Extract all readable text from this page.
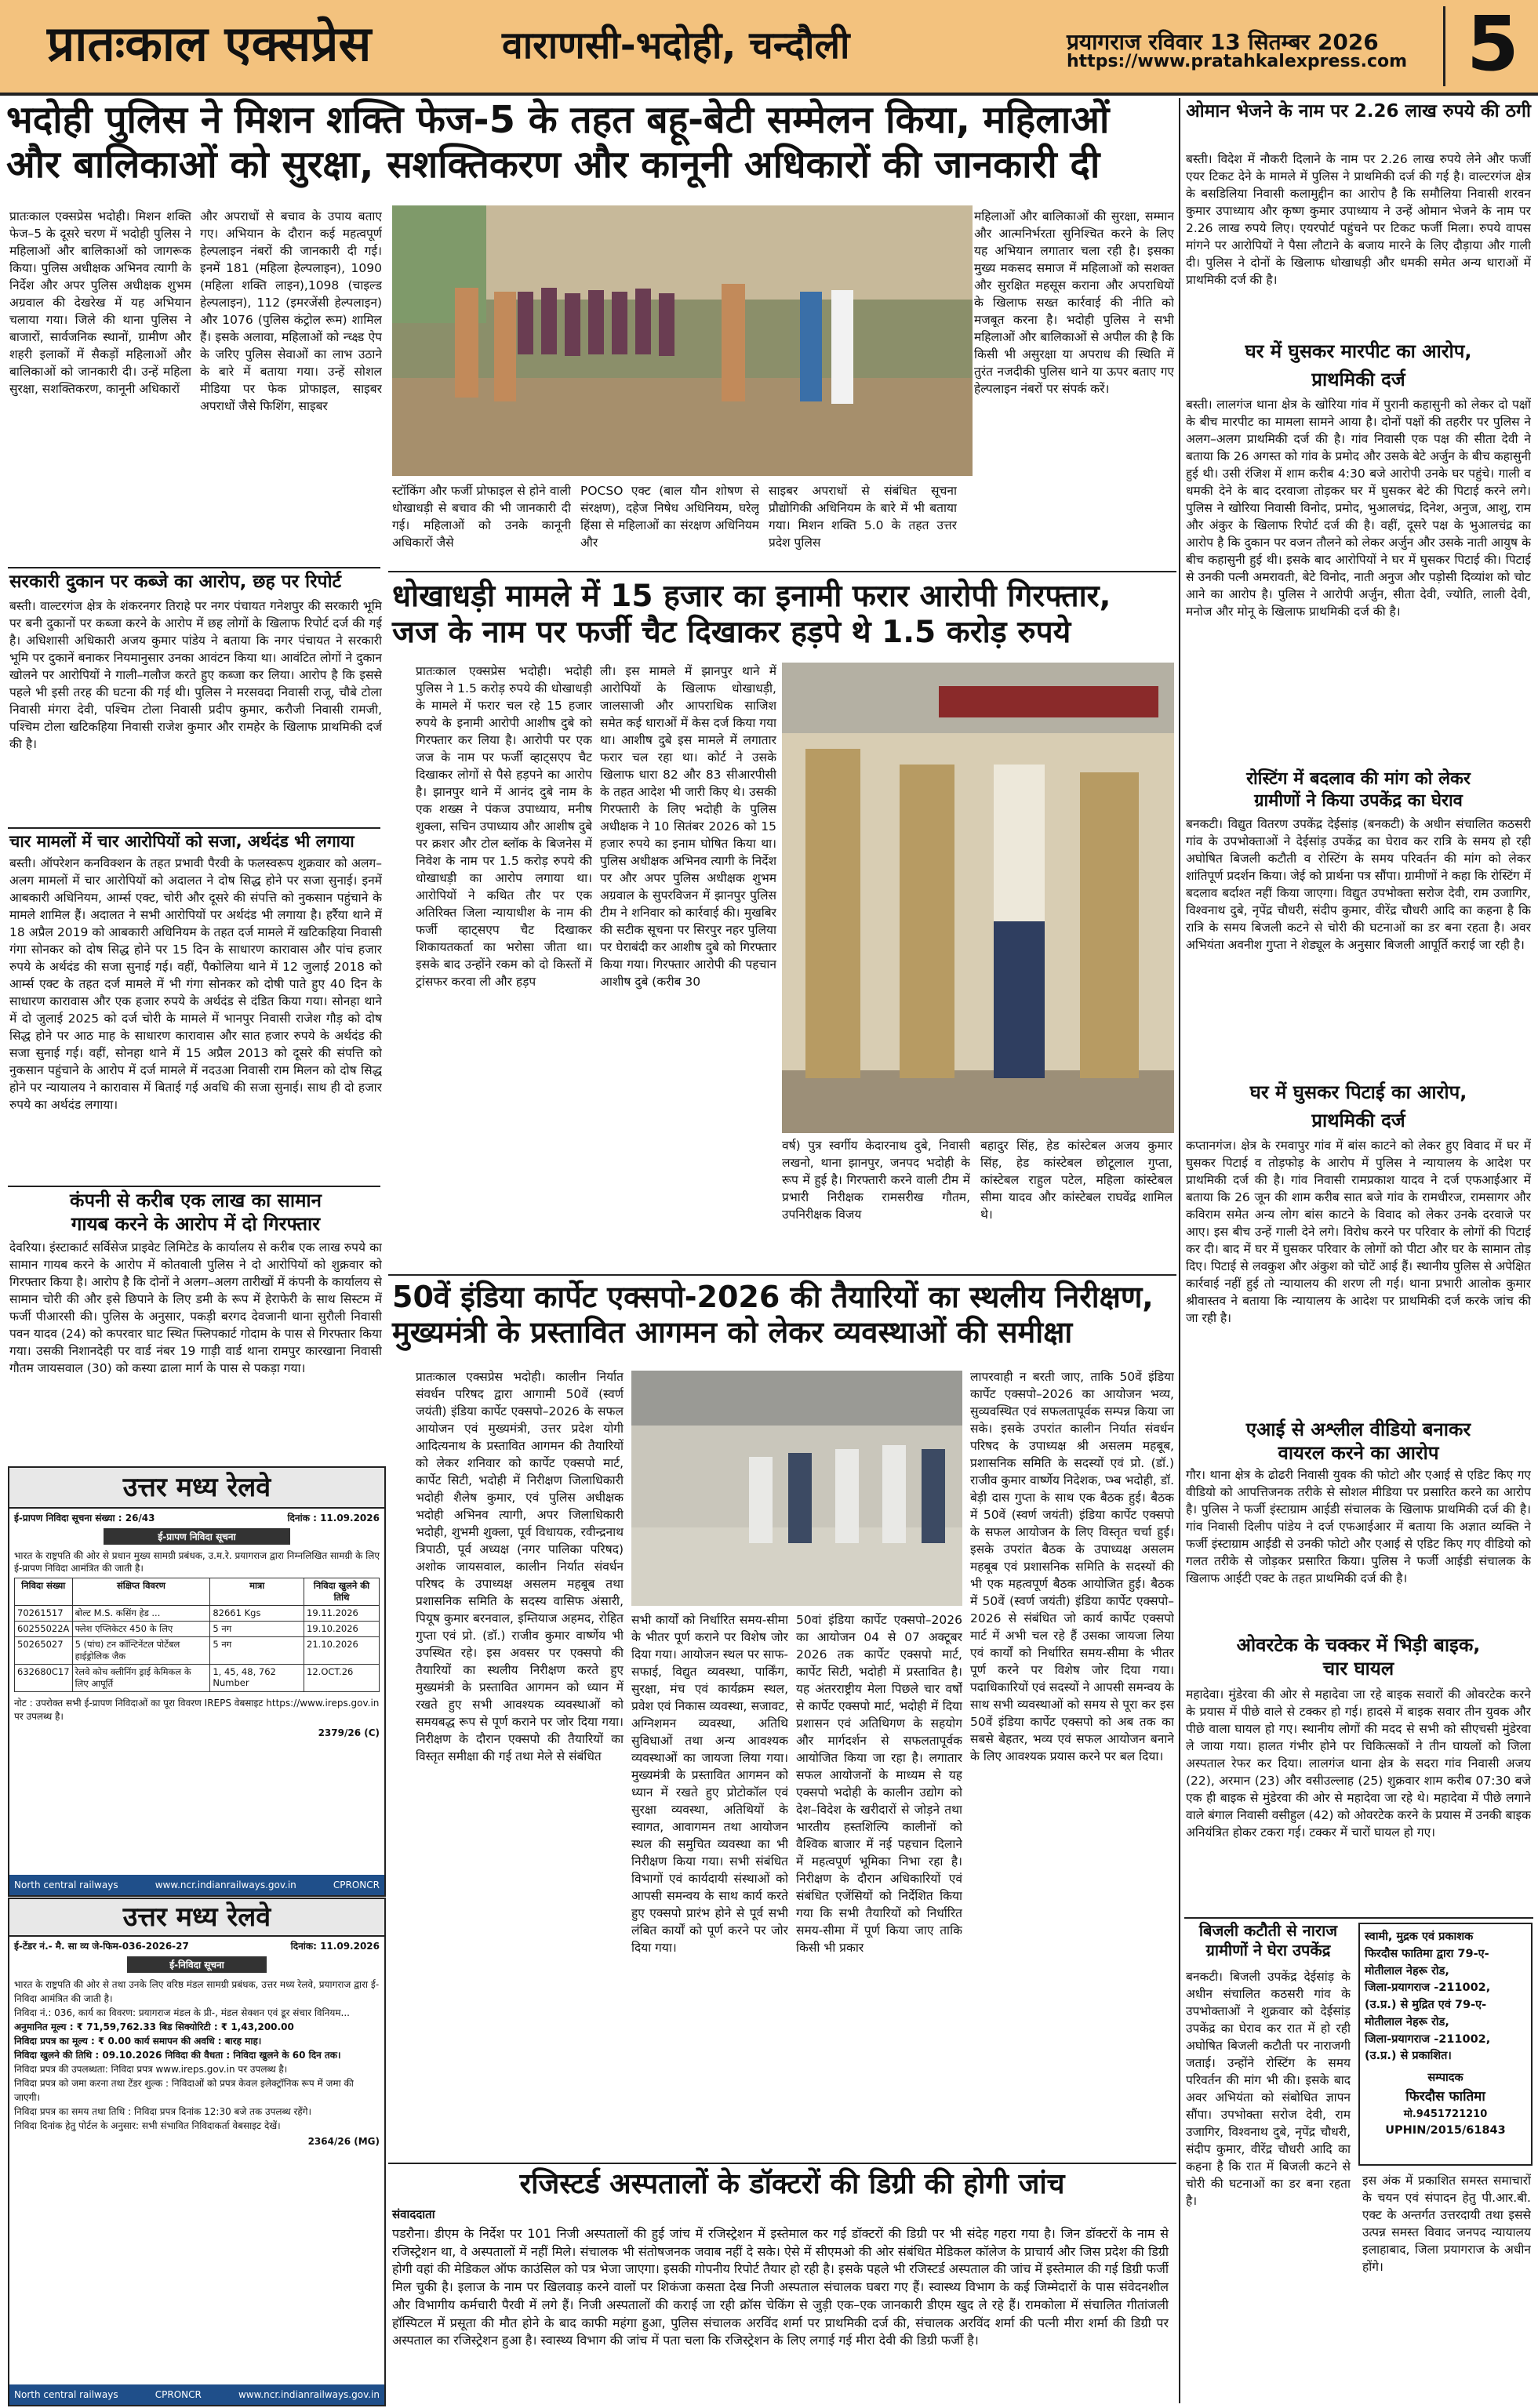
प्रातःकाल एक्सप्रेस	वाराणसी-भदोही, चन्दौली	प्रयागराज रविवार 13 सितम्बर 2026
https://www.pratahkalexpress.com 5
भदोही पुलिस ने मिशन शक्ति फेज-5 के तहत बहू-बेटी सम्मेलन किया, महिलाओं
और बालिकाओं को सुरक्षा, सशक्तिकरण और कानूनी अधिकारों की जानकारी दी
प्रातःकाल एक्सप्रेस भदोही। मिशन शक्ति फेज–5 के दूसरे चरण में भदोही पुलिस ने महिलाओं और बालिकाओं को जागरूक किया। पुलिस अधीक्षक अभिनव त्यागी के निर्देश और अपर पुलिस अधीक्षक शुभम अग्रवाल की देखरेख में यह अभियान चलाया गया। जिले की थाना पुलिस ने बाजारों, सार्वजनिक स्थानों, ग्रामीण और शहरी इलाकों में सैकड़ों महिलाओं और बालिकाओं को जानकारी दी। उन्हें महिला सुरक्षा, सशक्तिकरण, कानूनी अधिकारों
और अपराधों से बचाव के उपाय बताए गए। अभियान के दौरान कई महत्वपूर्ण हेल्पलाइन नंबरों की जानकारी दी गई। इनमें 181 (महिला हेल्पलाइन), 1090 (महिला शक्ति लाइन),1098 (चाइल्ड हेल्पलाइन), 112 (इमरजेंसी हेल्पलाइन) और 1076 (पुलिस कंट्रोल रूम) शामिल हैं। इसके अलावा, महिलाओं को न्च्क्ष्ड ऐप के जरिए पुलिस सेवाओं का लाभ उठाने के बारे में बताया गया। उन्हें सोशल मीडिया पर फेक प्रोफाइल, साइबर अपराधों जैसे फिशिंग, साइबर
स्टॉकिंग और फर्जी प्रोफाइल से होने वाली धोखाधड़ी से बचाव की भी जानकारी दी गई। महिलाओं को उनके कानूनी अधिकारों जैसे
POCSO एक्ट (बाल यौन शोषण से संरक्षण), दहेज निषेध अधिनियम, घरेलू हिंसा से महिलाओं का संरक्षण अधिनियम और
साइबर अपराधों से संबंधित सूचना प्रौद्योगिकी अधिनियम के बारे में भी बताया गया। मिशन शक्ति 5.0 के तहत उत्तर प्रदेश पुलिस
महिलाओं और बालिकाओं की सुरक्षा, सम्मान और आत्मनिर्भरता सुनिश्चित करने के लिए यह अभियान लगातार चला रही है। इसका मुख्य मकसद समाज में महिलाओं को सशक्त और सुरक्षित महसूस कराना और अपराधियों के खिलाफ सख्त कार्रवाई की नीति को मजबूत करना है। भदोही पुलिस ने सभी महिलाओं और बालिकाओं से अपील की है कि किसी भी असुरक्षा या अपराध की स्थिति में तुरंत नजदीकी पुलिस थाने या ऊपर बताए गए हेल्पलाइन नंबरों पर संपर्क करें।
सरकारी दुकान पर कब्जे का आरोप, छह पर रिपोर्ट
बस्ती। वाल्टरगंज क्षेत्र के शंकरनगर तिराहे पर नगर पंचायत गनेशपुर की सरकारी भूमि पर बनी दुकानों पर कब्जा करने के आरोप में छह लोगों के खिलाफ रिपोर्ट दर्ज की गई है। अधिशासी अधिकारी अजय कुमार पांडेय ने बताया कि नगर पंचायत ने सरकारी भूमि पर दुकानें बनाकर नियमानुसार उनका आवंटन किया था। आवंटित लोगों ने दुकान खोलने पर आरोपियों ने गाली–गलौज करते हुए कब्जा कर लिया। आरोप है कि इससे पहले भी इसी तरह की घटना की गई थी। पुलिस ने मरसवदा निवासी राजू, चौबे टोला निवासी मंगरा देवी, पश्चिम टोला निवासी प्रदीप कुमार, करौजी निवासी रामजी, पश्चिम टोला खटिकहिया निवासी राजेश कुमार और रामहेर के खिलाफ प्राथमिकी दर्ज की है।
चार मामलों में चार आरोपियों को सजा, अर्थदंड भी लगाया
बस्ती। ऑपरेशन कनविक्शन के तहत प्रभावी पैरवी के फलस्वरूप शुक्रवार को अलग–अलग मामलों में चार आरोपियों को अदालत ने दोष सिद्ध होने पर सजा सुनाई। इनमें आबकारी अधिनियम, आर्म्स एक्ट, चोरी और दूसरे की संपत्ति को नुकसान पहुंचाने के मामले शामिल हैं। अदालत ने सभी आरोपियों पर अर्थदंड भी लगाया है। हर्रैया थाने में 18 अप्रैल 2019 को आबकारी अधिनियम के तहत दर्ज मामले में खटिकहिया निवासी गंगा सोनकर को दोष सिद्ध होने पर 15 दिन के साधारण कारावास और पांच हजार रुपये के अर्थदंड की सजा सुनाई गई। वहीं, पैकोलिया थाने में 12 जुलाई 2018 को आर्म्स एक्ट के तहत दर्ज मामले में भी गंगा सोनकर को दोषी पाते हुए 40 दिन के साधारण कारावास और एक हजार रुपये के अर्थदंड से दंडित किया गया। सोनहा थाने में दो जुलाई 2025 को दर्ज चोरी के मामले में भानपुर निवासी राजेश गौड़ को दोष सिद्ध होने पर आठ माह के साधारण कारावास और सात हजार रुपये के अर्थदंड की सजा सुनाई गई। वहीं, सोनहा थाने में 15 अप्रैल 2013 को दूसरे की संपत्ति को नुकसान पहुंचाने के आरोप में दर्ज मामले में नदउआ निवासी राम मिलन को दोष सिद्ध होने पर न्यायालय ने कारावास में बिताई गई अवधि की सजा सुनाई। साथ ही दो हजार रुपये का अर्थदंड लगाया।
कंपनी से करीब एक लाख का सामान
गायब करने के आरोप में दो गिरफ्तार
देवरिया। इंस्टाकार्ट सर्विसेज प्राइवेट लिमिटेड के कार्यालय से करीब एक लाख रुपये का सामान गायब करने के आरोप में कोतवाली पुलिस ने दो आरोपियों को शुक्रवार को गिरफ्तार किया है। आरोप है कि दोनों ने अलग–अलग तारीखों में कंपनी के कार्यालय से सामान चोरी की और इसे छिपाने के लिए डमी के रूप में हेराफेरी के साथ सिस्टम में फर्जी पीआरसी की। पुलिस के अनुसार, पकड़ी बरगद देवजानी थाना सुरौली निवासी पवन यादव (24) को कपरवार घाट स्थित फ्लिपकार्ट गोदाम के पास से गिरफ्तार किया गया। उसकी निशानदेही पर वार्ड नंबर 19 गाड़ी वार्ड थाना रामपुर कारखाना निवासी गौतम जायसवाल (30) को कस्या ढाला मार्ग के पास से पकड़ा गया।
उत्तर मध्य रेलवे
ई-प्रापण निविदा सूचना संख्या : 26/43	दिनांक : 11.09.2026
ई-प्रापण निविदा सूचना
भारत के राष्ट्रपति की ओर से प्रधान मुख्य सामग्री प्रबंधक, उ.म.रे. प्रयागराज द्वारा निम्नलिखित सामग्री के लिए ई-प्रापण निविदा आमंत्रित की जाती है।
निविदा संख्या	संक्षिप्त विवरण	मात्रा	निविदा खुलने की तिथि
70261517	बोल्ट M.S. कसिंग हेड ...	82661 Kgs	19.11.2026
60255022A	फ्लेश एप्लिकेटर 450 के लिए	5 नग	19.10.2026
50265027	5 (पांच) टन कॉन्टिनेंटल पोर्टेबल हाईड्रोलिक जैक	5 नग	21.10.2026
632680C17	रेलवे कोच क्लीनिंग ड्राई केमिकल के लिए आपूर्ति	1, 45, 48, 762 Number	12.OCT.26
नोट : उपरोक्त सभी ई-प्रापण निविदाओं का पूरा विवरण IREPS वेबसाइट https://www.ireps.gov.in पर उपलब्ध है।
2379/26 (C)
North central railways	www.ncr.indianrailways.gov.in	CPRONCR
उत्तर मध्य रेलवे
ई-टेंडर नं.- मै. सा व्य जे-फिम-036-2026-27	दिनांक: 11.09.2026
ई-निविदा सूचना

भारत के राष्ट्रपति की ओर से तथा उनके लिए वरिष्ठ मंडल सामग्री प्रबंधक, उत्तर मध्य रेलवे, प्रयागराज द्वारा ई-निविदा आमंत्रित की जाती है।

निविदा नं.: 036, कार्य का विवरण: प्रयागराज मंडल के प्री-, मंडल सेक्शन एवं डूर संचार विनियम...

अनुमानित मूल्य : ₹ 71,59,762.33 बिड सिक्योरिटी : ₹ 1,43,200.00

निविदा प्रपत्र का मूल्य : ₹ 0.00 कार्य समापन की अवधि : बारह माह।

निविदा खुलने की तिथि : 09.10.2026 निविदा की वैधता : निविदा खुलने के 60 दिन तक।

निविदा प्रपत्र की उपलब्धता: निविदा प्रपत्र www.ireps.gov.in पर उपलब्ध है।

निविदा प्रपत्र को जमा करना तथा टेंडर शुल्क : निविदाओं को प्रपत्र केवल इलेक्ट्रॉनिक रूप में जमा की जाएगी।

निविदा प्रपत्र का समय तथा तिथि : निविदा प्रपत्र दिनांक 12:30 बजे तक उपलब्ध रहेंगे।

निविदा दिनांक हेतु पोर्टल के अनुसार: सभी संभावित निविदाकर्ता वेबसाइट देखें।

2364/26 (MG)
North central railways	CPRONCR	www.ncr.indianrailways.gov.in
धोखाधड़ी मामले में 15 हजार का इनामी फरार आरोपी गिरफ्तार,
जज के नाम पर फर्जी चैट दिखाकर हड़पे थे 1.5 करोड़ रुपये
प्रातःकाल एक्सप्रेस भदोही। भदोही पुलिस ने 1.5 करोड़ रुपये की धोखाधड़ी के मामले में फरार चल रहे 15 हजार रुपये के इनामी आरोपी आशीष दुबे को गिरफ्तार कर लिया है। आरोपी पर एक जज के नाम पर फर्जी व्हाट्सएप चैट दिखाकर लोगों से पैसे हड़पने का आरोप है। झानपुर थाने में आनंद दुबे नाम के एक शख्स ने पंकज उपाध्याय, मनीष शुक्ला, सचिन उपाध्याय और आशीष दुबे पर क्रशर और टोल ब्लॉक के बिजनेस में निवेश के नाम पर 1.5 करोड़ रुपये की धोखाधड़ी का आरोप लगाया था। आरोपियों ने कथित तौर पर एक अतिरिक्त जिला न्यायाधीश के नाम की फर्जी व्हाट्सएप चैट दिखाकर शिकायतकर्ता का भरोसा जीता था। इसके बाद उन्होंने रकम को दो किस्तों में ट्रांसफर करवा ली और हड़प
ली। इस मामले में झानपुर थाने में आरोपियों के खिलाफ धोखाधड़ी, जालसाजी और आपराधिक साजिश समेत कई धाराओं में केस दर्ज किया गया था। आशीष दुबे इस मामले में लगातार फरार चल रहा था। कोर्ट ने उसके खिलाफ धारा 82 और 83 सीआरपीसी के तहत आदेश भी जारी किए थे। उसकी गिरफ्तारी के लिए भदोही के पुलिस अधीक्षक ने 10 सितंबर 2026 को 15 हजार रुपये का इनाम घोषित किया था। पुलिस अधीक्षक अभिनव त्यागी के निर्देश पर और अपर पुलिस अधीक्षक शुभम अग्रवाल के सुपरविजन में झानपुर पुलिस टीम ने शनिवार को कार्रवाई की। मुखबिर की सटीक सूचना पर सिरपुर नहर पुलिया पर घेराबंदी कर आशीष दुबे को गिरफ्तार किया गया। गिरफ्तार आरोपी की पहचान आशीष दुबे (करीब 30
वर्ष) पुत्र स्वर्गीय केदारनाथ दुबे, निवासी लखनो, थाना झानपुर, जनपद भदोही के रूप में हुई है। गिरफ्तारी करने वाली टीम में प्रभारी निरीक्षक रामसरीख गौतम, उपनिरीक्षक विजय
बहादुर सिंह, हेड कांस्टेबल अजय कुमार सिंह, हेड कांस्टेबल छोटूलाल गुप्ता, कांस्टेबल राहुल पटेल, महिला कांस्टेबल सीमा यादव और कांस्टेबल राघवेंद्र शामिल थे।
50वें इंडिया कार्पेट एक्सपो-2026 की तैयारियों का स्थलीय निरीक्षण,
मुख्यमंत्री के प्रस्तावित आगमन को लेकर व्यवस्थाओं की समीक्षा
प्रातःकाल एक्सप्रेस भदोही। कालीन निर्यात संवर्धन परिषद द्वारा आगामी 50वें (स्वर्ण जयंती) इंडिया कार्पेट एक्सपो–2026 के सफल आयोजन एवं मुख्यमंत्री, उत्तर प्रदेश योगी आदित्यनाथ के प्रस्तावित आगमन की तैयारियों को लेकर शनिवार को कार्पेट एक्सपो मार्ट, कार्पेट सिटी, भदोही में निरीक्षण जिलाधिकारी भदोही शैलेष कुमार, एवं पुलिस अधीक्षक भदोही अभिनव त्यागी, अपर जिलाधिकारी भदोही, शुभमी शुक्ला, पूर्व विधायक, रवीन्द्रनाथ त्रिपाठी, पूर्व अध्यक्ष (नगर पालिका परिषद) अशोक जायसवाल, कालीन निर्यात संवर्धन परिषद के उपाध्यक्ष असलम महबूब तथा प्रशासनिक समिति के सदस्य वासिफ अंसारी, पियूष कुमार बरनवाल, इम्तियाज अहमद, रोहित गुप्ता एवं प्रो. (डॉ.) राजीव कुमार वार्ष्णेय भी उपस्थित रहे। इस अवसर पर एक्सपो की तैयारियों का स्थलीय निरीक्षण करते हुए मुख्यमंत्री के प्रस्तावित आगमन को ध्यान में रखते हुए सभी आवश्यक व्यवस्थाओं को समयबद्ध रूप से पूर्ण कराने पर जोर दिया गया। निरीक्षण के दौरान एक्सपो की तैयारियों का विस्तृत समीक्षा की गई तथा मेले से संबंधित
सभी कार्यों को निर्धारित समय-सीमा के भीतर पूर्ण कराने पर विशेष जोर दिया गया। आयोजन स्थल पर साफ-सफाई, विद्युत व्यवस्था, पार्किंग, सुरक्षा, मंच एवं कार्यक्रम स्थल, प्रवेश एवं निकास व्यवस्था, सजावट, अग्निशमन व्यवस्था, अतिथि सुविधाओं तथा अन्य आवश्यक व्यवस्थाओं का जायजा लिया गया। मुख्यमंत्री के प्रस्तावित आगमन को ध्यान में रखते हुए प्रोटोकॉल एवं सुरक्षा व्यवस्था, अतिथियों के स्वागत, आवागमन तथा आयोजन स्थल की समुचित व्यवस्था का भी निरीक्षण किया गया। सभी संबंधित विभागों एवं कार्यदायी संस्थाओं को आपसी समन्वय के साथ कार्य करते हुए एक्सपो प्रारंभ होने से पूर्व सभी लंबित कार्यों को पूर्ण करने पर जोर दिया गया।
50वां इंडिया कार्पेट एक्सपो–2026 का आयोजन 04 से 07 अक्टूबर 2026 तक कार्पेट एक्सपो मार्ट, कार्पेट सिटी, भदोही में प्रस्तावित है। यह अंतरराष्ट्रीय मेला पिछले चार वर्षों से कार्पेट एक्सपो मार्ट, भदोही में दिया प्रशासन एवं अतिथिगण के सहयोग और मार्गदर्शन से सफलतापूर्वक आयोजित किया जा रहा है। लगातार सफल आयोजनों के माध्यम से यह एक्सपो भदोही के कालीन उद्योग को देश–विदेश के खरीदारों से जोड़ने तथा भारतीय हस्तशिल्पि कालीनों को वैश्विक बाजार में नई पहचान दिलाने में महत्वपूर्ण भूमिका निभा रहा है। निरीक्षण के दौरान अधिकारियों एवं संबंधित एजेंसियों को निर्देशित किया गया कि सभी तैयारियों को निर्धारित समय-सीमा में पूर्ण किया जाए ताकि किसी भी प्रकार
लापरवाही न बरती जाए, ताकि 50वें इंडिया कार्पेट एक्सपो–2026 का आयोजन भव्य, सुव्यवस्थित एवं सफलतापूर्वक सम्पन्न किया जा सके। इसके उपरांत कालीन निर्यात संवर्धन परिषद के उपाध्यक्ष श्री असलम महबूब, प्रशासनिक समिति के सदस्यों एवं प्रो. (डॉ.) राजीव कुमार वार्ष्णेय निदेशक, प्भ्ब भदोही, डॉ. बेड़ी दास गुप्ता के साथ एक बैठक हुई। बैठक में 50वें (स्वर्ण जयंती) इंडिया कार्पेट एक्सपो के सफल आयोजन के लिए विस्तृत चर्चा हुई। इसके उपरांत बैठक के उपाध्यक्ष असलम महबूब एवं प्रशासनिक समिति के सदस्यों की भी एक महत्वपूर्ण बैठक आयोजित हुई। बैठक में 50वें (स्वर्ण जयंती) इंडिया कार्पेट एक्सपो–2026 से संबंधित जो कार्य कार्पेट एक्सपो मार्ट में अभी चल रहे हैं उसका जायजा लिया एवं कार्यों को निर्धारित समय-सीमा के भीतर पूर्ण करने पर विशेष जोर दिया गया। पदाधिकारियों एवं सदस्यों ने आपसी समन्वय के साथ सभी व्यवस्थाओं को समय से पूरा कर इस 50वें इंडिया कार्पेट एक्सपो को अब तक का सबसे बेहतर, भव्य एवं सफल आयोजन बनाने के लिए आवश्यक प्रयास करने पर बल दिया।
रजिस्टर्ड अस्पतालों के डॉक्टरों की डिग्री की होगी जांच
संवाददाता
पडरौना। डीएम के निर्देश पर 101 निजी अस्पतालों की हुई जांच में रजिस्ट्रेशन में इस्तेमाल कर गई डॉक्टरों की डिग्री पर भी संदेह गहरा गया है। जिन डॉक्टरों के नाम से रजिस्ट्रेशन था, वे अस्पतालों में नहीं मिले। संचालक भी संतोषजनक जवाब नहीं दे सके। ऐसे में सीएमओ की ओर संबंधित मेडिकल कॉलेज के प्राचार्य और जिस प्रदेश की डिग्री होगी वहां की मेडिकल ऑफ काउंसिल को पत्र भेजा जाएगा। इसकी गोपनीय रिपोर्ट तैयार हो रही है। इसके पहले भी रजिस्टर्ड अस्पताल की जांच में इस्तेमाल की गई डिग्री फर्जी मिल चुकी है। इलाज के नाम पर खिलवाड़ करने वालों पर शिकंजा कसता देख निजी अस्पताल संचालक घबरा गए हैं। स्वास्थ्य विभाग के कई जिम्मेदारों के पास संवेदनशील और विभागीय कर्मचारी पैरवी में लगे हैं। निजी अस्पतालों की कराई जा रही क्रॉस चेकिंग से जुड़ी एक–एक जानकारी डीएम खुद ले रहे हैं। रामकोला में संचालित गीतांजली हॉस्पिटल में प्रसूता की मौत होने के बाद काफी महंगा हुआ, पुलिस संचालक अरविंद शर्मा पर प्राथमिकी दर्ज की, संचालक अरविंद शर्मा की पत्नी मीरा शर्मा की डिग्री पर अस्पताल का रजिस्ट्रेशन हुआ है। स्वास्थ्य विभाग की जांच में पता चला कि रजिस्ट्रेशन के लिए लगाई गई मीरा देवी की डिग्री फर्जी है।
ओमान भेजने के नाम पर 2.26 लाख रुपये की ठगी
बस्ती। विदेश में नौकरी दिलाने के नाम पर 2.26 लाख रुपये लेने और फर्जी एयर टिकट देने के मामले में पुलिस ने प्राथमिकी दर्ज की गई है। वाल्टरगंज क्षेत्र के बसडिलिया निवासी कलामुद्दीन का आरोप है कि समौलिया निवासी शरवन कुमार उपाध्याय और कृष्ण कुमार उपाध्याय ने उन्हें ओमान भेजने के नाम पर 2.26 लाख रुपये लिए। एयरपोर्ट पहुंचने पर टिकट फर्जी मिला। रुपये वापस मांगने पर आरोपियों ने पैसा लौटाने के बजाय मारने के लिए दौड़ाया और गाली दी। पुलिस ने दोनों के खिलाफ धोखाधड़ी और धमकी समेत अन्य धाराओं में प्राथमिकी दर्ज की है।
घर में घुसकर मारपीट का आरोप,
प्राथमिकी दर्ज
बस्ती। लालगंज थाना क्षेत्र के खोरिया गांव में पुरानी कहासुनी को लेकर दो पक्षों के बीच मारपीट का मामला सामने आया है। दोनों पक्षों की तहरीर पर पुलिस ने अलग–अलग प्राथमिकी दर्ज की है। गांव निवासी एक पक्ष की सीता देवी ने बताया कि 26 अगस्त को गांव के प्रमोद और उसके बेटे अर्जुन के बीच कहासुनी हुई थी। उसी रंजिश में शाम करीब 4:30 बजे आरोपी उनके घर पहुंचे। गाली व धमकी देने के बाद दरवाजा तोड़कर घर में घुसकर बेटे की पिटाई करने लगे। पुलिस ने खोरिया निवासी विनोद, प्रमोद, भुआलचंद्र, दिनेश, अनुज, आशु, राम और अंकुर के खिलाफ रिपोर्ट दर्ज की है। वहीं, दूसरे पक्ष के भुआलचंद्र का आरोप है कि दुकान पर वजन तौलने को लेकर अर्जुन और उसके नाती आयुष के बीच कहासुनी हुई थी। इसके बाद आरोपियों ने घर में घुसकर पिटाई की। पिटाई से उनकी पत्नी अमरावती, बेटे विनोद, नाती अनुज और पड़ोसी दिव्यांश को चोट आने का आरोप है। पुलिस ने आरोपी अर्जुन, सीता देवी, ज्योति, लाली देवी, मनोज और मोनू के खिलाफ प्राथमिकी दर्ज की है।
रोस्टिंग में बदलाव की मांग को लेकर
ग्रामीणों ने किया उपकेंद्र का घेराव
बनकटी। विद्युत वितरण उपकेंद्र देईसांड़ (बनकटी) के अधीन संचालित कठसरी गांव के उपभोक्ताओं ने देईसांड़ उपकेंद्र का घेराव कर रात्रि के समय हो रही अघोषित बिजली कटौती व रोस्टिंग के समय परिवर्तन की मांग को लेकर शांतिपूर्ण प्रदर्शन किया। जेई को प्रार्थना पत्र सौंपा। ग्रामीणों ने कहा कि रोस्टिंग में बदलाव बर्दाश्त नहीं किया जाएगा। विद्युत उपभोक्ता सरोज देवी, राम उजागिर, विश्वनाथ दुबे, नृपेंद्र चौधरी, संदीप कुमार, वीरेंद्र चौधरी आदि का कहना है कि रात्रि के समय बिजली कटने से चोरी की घटनाओं का डर बना रहता है। अवर अभियंता अवनीश गुप्ता ने शेड्यूल के अनुसार बिजली आपूर्ति कराई जा रही है।
घर में घुसकर पिटाई का आरोप,
प्राथमिकी दर्ज
कप्तानगंज। क्षेत्र के रमवापुर गांव में बांस काटने को लेकर हुए विवाद में घर में घुसकर पिटाई व तोड़फोड़ के आरोप में पुलिस ने न्यायालय के आदेश पर प्राथमिकी दर्ज की है। गांव निवासी रामप्रकाश यादव ने दर्ज एफआईआर में बताया कि 26 जून की शाम करीब सात बजे गांव के रामधीरज, रामसागर और कविराम समेत अन्य लोग बांस काटने के विवाद को लेकर उनके दरवाजे पर आए। इस बीच उन्हें गाली देने लगे। विरोध करने पर परिवार के लोगों की पिटाई कर दी। बाद में घर में घुसकर परिवार के लोगों को पीटा और घर के सामान तोड़ दिए। पिटाई से लवकुश और अंकुश को चोटें आई हैं। स्थानीय पुलिस से अपेक्षित कार्रवाई नहीं हुई तो न्यायालय की शरण ली गई। थाना प्रभारी आलोक कुमार श्रीवास्तव ने बताया कि न्यायालय के आदेश पर प्राथमिकी दर्ज करके जांच की जा रही है।
एआई से अश्लील वीडियो बनाकर
वायरल करने का आरोप
गौर। थाना क्षेत्र के ढोढरी निवासी युवक की फोटो और एआई से एडिट किए गए वीडियो को आपत्तिजनक तरीके से सोशल मीडिया पर प्रसारित करने का आरोप है। पुलिस ने फर्जी इंस्टाग्राम आईडी संचालक के खिलाफ प्राथमिकी दर्ज की है। गांव निवासी दिलीप पांडेय ने दर्ज एफआईआर में बताया कि अज्ञात व्यक्ति ने फर्जी इंस्टाग्राम आईडी से उनकी फोटो और एआई से एडिट किए गए वीडियो को गलत तरीके से जोड़कर प्रसारित किया। पुलिस ने फर्जी आईडी संचालक के खिलाफ आईटी एक्ट के तहत प्राथमिकी दर्ज की है।
ओवरटेक के चक्कर में भिड़ी बाइक,
चार घायल
महादेवा। मुंडेरवा की ओर से महादेवा जा रहे बाइक सवारों की ओवरटेक करने के प्रयास में पीछे वाले से टक्कर हो गई। हादसे में बाइक सवार तीन युवक और पीछे वाला घायल हो गए। स्थानीय लोगों की मदद से सभी को सीएचसी मुंडेरवा ले जाया गया। हालत गंभीर होने पर चिकित्सकों ने तीन घायलों को जिला अस्पताल रेफर कर दिया। लालगंज थाना क्षेत्र के सदरा गांव निवासी अजय (22), अरमान (23) और वसीउल्लाह (25) शुक्रवार शाम करीब 07:30 बजे एक ही बाइक से मुंडेरवा की ओर से महादेवा जा रहे थे। महादेवा में पीछे लगाने वाले बंगाल निवासी वसीहुल (42) को ओवरटेक करने के प्रयास में उनकी बाइक अनियंत्रित होकर टकरा गई। टक्कर में चारों घायल हो गए।
बिजली कटौती से नाराज
ग्रामीणों ने घेरा उपकेंद्र
बनकटी। बिजली उपकेंद्र देईसांड़ के अधीन संचालित कठसरी गांव के उपभोक्ताओं ने शुक्रवार को देईसांड़ उपकेंद्र का घेराव कर रात में हो रही अघोषित बिजली कटौती पर नाराजगी जताई। उन्होंने रोस्टिंग के समय परिवर्तन की मांग भी की। इसके बाद अवर अभियंता को संबोधित ज्ञापन सौंपा। उपभोक्ता सरोज देवी, राम उजागिर, विश्वनाथ दुबे, नृपेंद्र चौधरी, संदीप कुमार, वीरेंद्र चौधरी आदि का कहना है कि रात में बिजली कटने से चोरी की घटनाओं का डर बना रहता है।
स्वामी, मुद्रक एवं प्रकाशक
फिरदौस फातिमा द्वारा 79-ए-
मोतीलाल नेहरू रोड,
जिला-प्रयागराज -211002,
(उ.प्र.) से मुद्रित एवं 79-ए-
मोतीलाल नेहरू रोड,
जिला-प्रयागराज -211002,
(उ.प्र.) से प्रकाशित।
सम्पादक
फिरदौस फातिमा
मो.9451721210
UPHIN/2015/61843
इस अंक में प्रकाशित समस्त समाचारों के चयन एवं संपादन हेतु पी.आर.बी. एक्ट के अन्तर्गत उत्तरदायी तथा इससे उत्पन्न समस्त विवाद जनपद न्यायालय इलाहाबाद, जिला प्रयागराज के अधीन होंगे।
